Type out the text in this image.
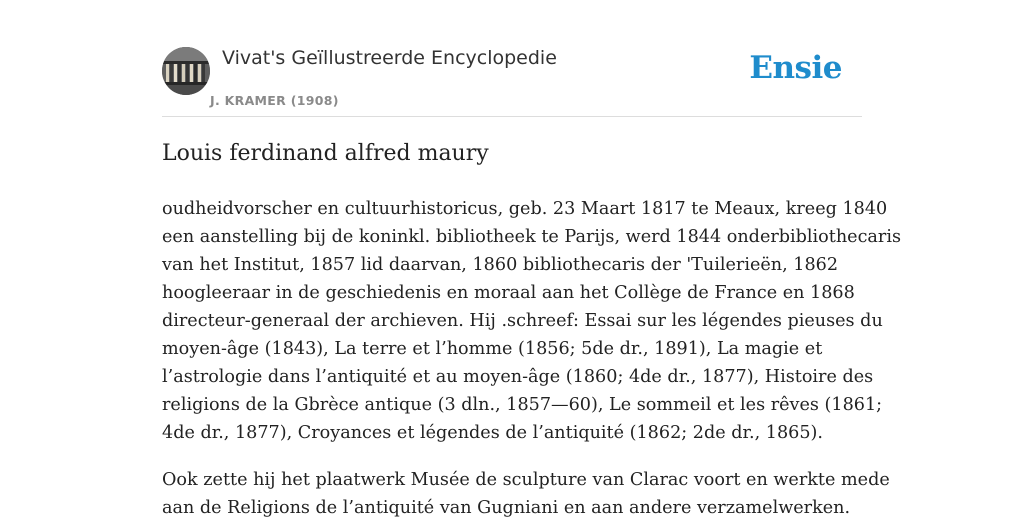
Vivat's Geïllustreerde Encyclopedie
J. KRAMER (1908)
Ensie
Louis ferdinand alfred maury

oudheidvorscher en cultuurhistoricus, geb. 23 Maart 1817 te Meaux, kreeg 1840
een aanstelling bij de koninkl. bibliotheek te Parijs, werd 1844 onderbibliothecaris
van het Institut, 1857 lid daarvan, 1860 bibliothecaris der 'Tuilerieën, 1862
hoogleeraar in de geschiedenis en moraal aan het Collège de France en 1868
directeur-generaal der archieven. Hij .schreef: Essai sur les légendes pieuses du
moyen-âge (1843), La terre et l’homme (1856; 5de dr., 1891), La magie et
l’astrologie dans l’antiquité et au moyen-âge (1860; 4de dr., 1877), Histoire des
religions de la Gbrèce antique (3 dln., 1857—60), Le sommeil et les rêves (1861;
4de dr., 1877), Croyances et légendes de l’antiquité (1862; 2de dr., 1865).

Ook zette hij het plaatwerk Musée de sculpture van Clarac voort en werkte mede
aan de Religions de l’antiquité van Gugniani en aan andere verzamelwerken.
